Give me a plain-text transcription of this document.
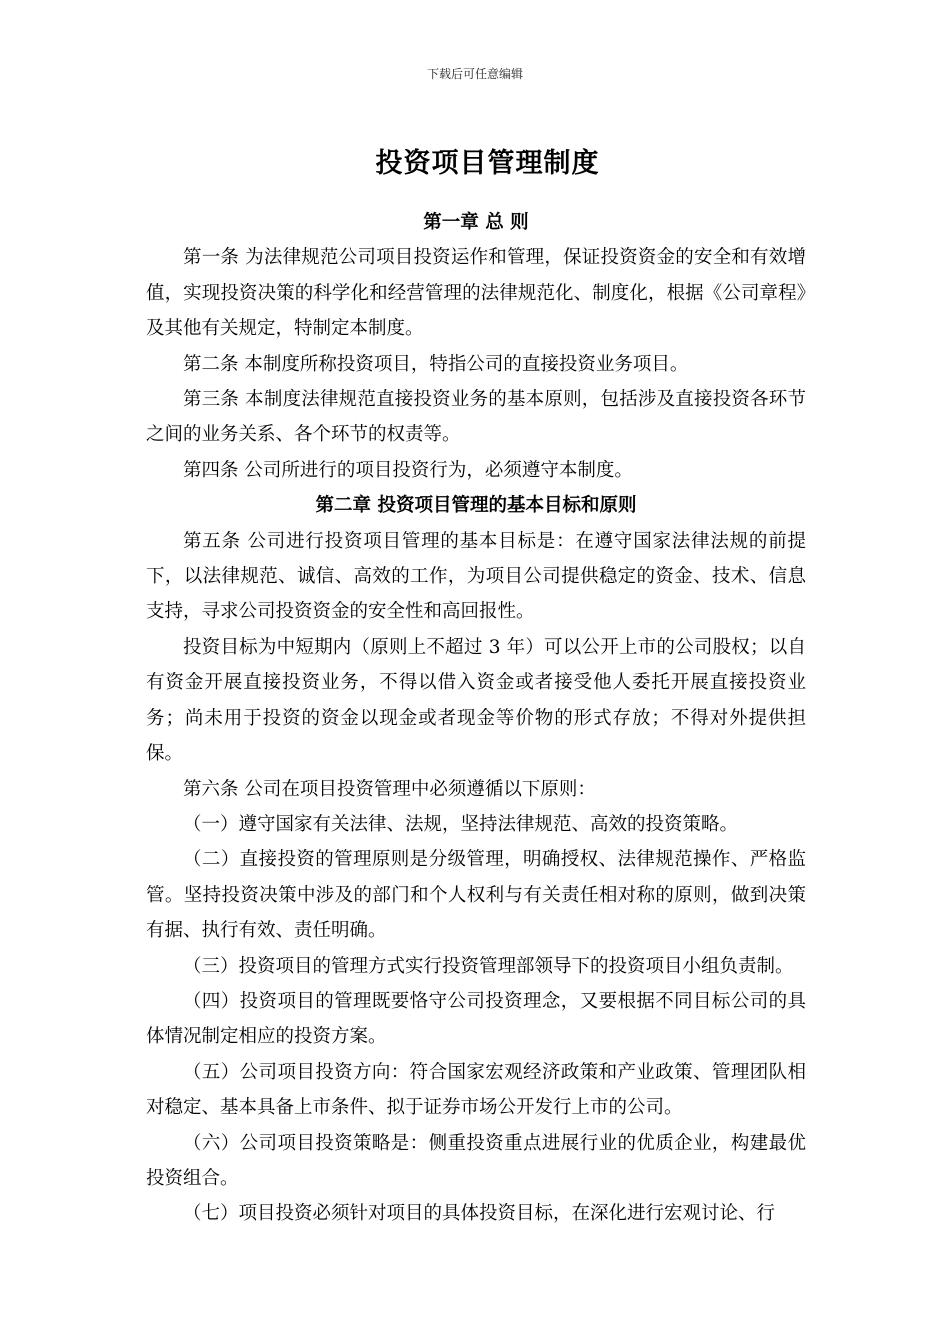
下载后可任意编辑
投资项目管理制度

第一章 总 则

第一条 为法律规范公司项目投资运作和管理，保证投资资金的安全和有效增值，实现投资决策的科学化和经营管理的法律规范化、制度化，根据《公司章程》及其他有关规定，特制定本制度。

第二条 本制度所称投资项目，特指公司的直接投资业务项目。

第三条 本制度法律规范直接投资业务的基本原则，包括涉及直接投资各环节之间的业务关系、各个环节的权责等。

第四条 公司所进行的项目投资行为，必须遵守本制度。

第二章 投资项目管理的基本目标和原则

第五条 公司进行投资项目管理的基本目标是：在遵守国家法律法规的前提下，以法律规范、诚信、高效的工作，为项目公司提供稳定的资金、技术、信息支持，寻求公司投资资金的安全性和高回报性。

投资目标为中短期内（原则上不超过 3 年）可以公开上市的公司股权；以自有资金开展直接投资业务，不得以借入资金或者接受他人委托开展直接投资业务；尚未用于投资的资金以现金或者现金等价物的形式存放；不得对外提供担保。

第六条 公司在项目投资管理中必须遵循以下原则：

（一）遵守国家有关法律、法规，坚持法律规范、高效的投资策略。

（二）直接投资的管理原则是分级管理，明确授权、法律规范操作、严格监管。坚持投资决策中涉及的部门和个人权利与有关责任相对称的原则，做到决策有据、执行有效、责任明确。

（三）投资项目的管理方式实行投资管理部领导下的投资项目小组负责制。

（四）投资项目的管理既要恪守公司投资理念，又要根据不同目标公司的具体情况制定相应的投资方案。

（五）公司项目投资方向：符合国家宏观经济政策和产业政策、管理团队相对稳定、基本具备上市条件、拟于证券市场公开发行上市的公司。

（六）公司项目投资策略是：侧重投资重点进展行业的优质企业，构建最优投资组合。

（七）项目投资必须针对项目的具体投资目标，在深化进行宏观讨论、行
